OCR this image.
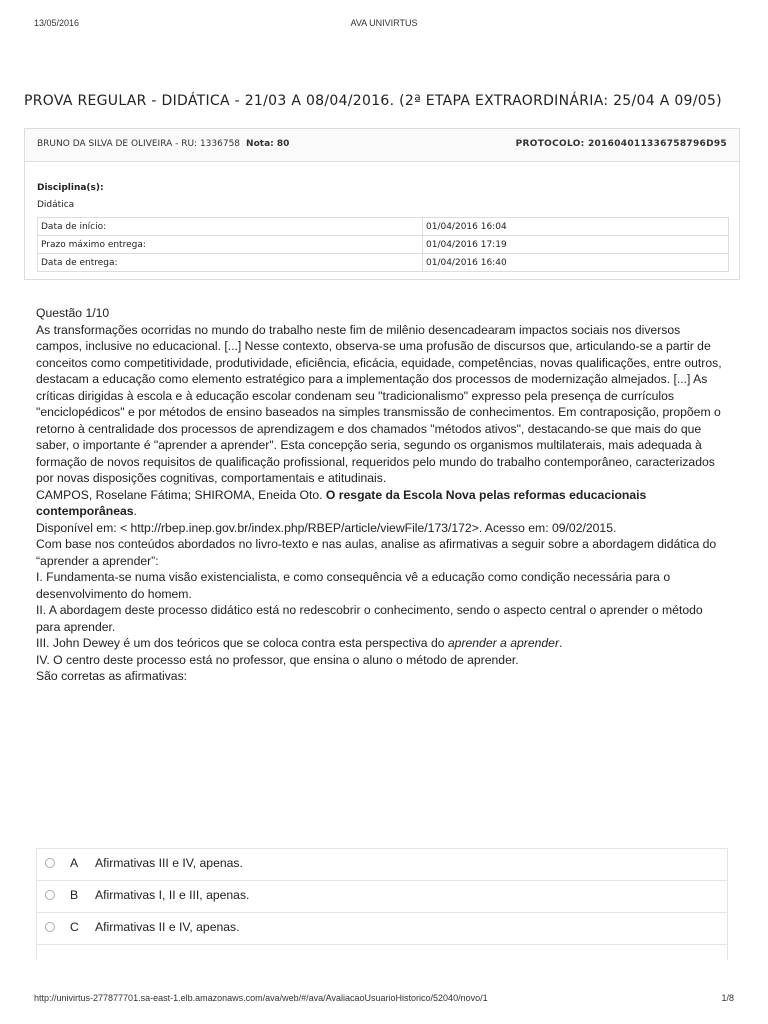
13/05/2016	AVA UNIVIRTUS
PROVA REGULAR - DIDÁTICA - 21/03 A 08/04/2016. (2ª ETAPA EXTRAORDINÁRIA: 25/04 A 09/05)
BRUNO DA SILVA DE OLIVEIRA - RU: 1336758 Nota: 80	PROTOCOLO: 201604011336758796D95
Disciplina(s):
Didática
Data de início:	01/04/2016 16:04
Prazo máximo entrega:	01/04/2016 17:19
Data de entrega:	01/04/2016 16:40

Questão 1/10

As transformações ocorridas no mundo do trabalho neste fim de milênio desencadearam impactos sociais nos diversos campos, inclusive no educacional. [...] Nesse contexto, observa-se uma profusão de discursos que, articulando-se a partir de conceitos como competitividade, produtividade, eficiência, eficácia, equidade, competências, novas qualificações, entre outros, destacam a educação como elemento estratégico para a implementação dos processos de modernização almejados. [...] As críticas dirigidas à escola e à educação escolar condenam seu "tradicionalismo" expresso pela presença de currículos "enciclopédicos" e por métodos de ensino baseados na simples transmissão de conhecimentos. Em contraposição, propõem o retorno à centralidade dos processos de aprendizagem e dos chamados "métodos ativos", destacando-se que mais do que saber, o importante é "aprender a aprender". Esta concepção seria, segundo os organismos multilaterais, mais adequada à formação de novos requisitos de qualificação profissional, requeridos pelo mundo do trabalho contemporâneo, caracterizados por novas disposições cognitivas, comportamentais e atitudinais.

CAMPOS, Roselane Fátima; SHIROMA, Eneida Oto. O resgate da Escola Nova pelas reformas educacionais contemporâneas.

Disponível em: < http://rbep.inep.gov.br/index.php/RBEP/article/viewFile/173/172>. Acesso em: 09/02/2015.

Com base nos conteúdos abordados no livro-texto e nas aulas, analise as afirmativas a seguir sobre a abordagem didática do “aprender a aprender”:

I. Fundamenta-se numa visão existencialista, e como consequência vê a educação como condição necessária para o desenvolvimento do homem.

II. A abordagem deste processo didático está no redescobrir o conhecimento, sendo o aspecto central o aprender o método para aprender.

III. John Dewey é um dos teóricos que se coloca contra esta perspectiva do aprender a aprender.

IV. O centro deste processo está no professor, que ensina o aluno o método de aprender.

São corretas as afirmativas:

A Afirmativas III e IV, apenas.
B Afirmativas I, II e III, apenas.
C Afirmativas II e IV, apenas.
http://univirtus-277877701.sa-east-1.elb.amazonaws.com/ava/web/#/ava/AvaliacaoUsuarioHistorico/52040/novo/1	1/8
